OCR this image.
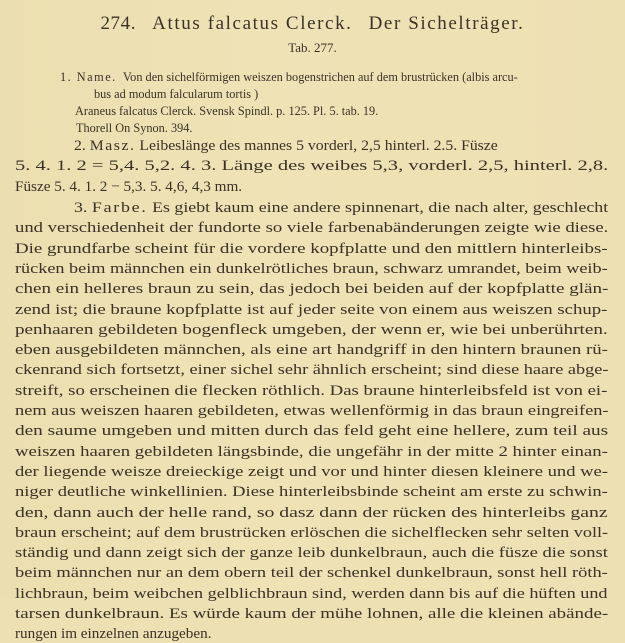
274. Attus falcatus Clerck. Der Sichelträger.
Tab. 277.
1. Name. Von den sichelförmigen weiszen bogenstrichen auf dem brustrücken (albis arcu-
bus ad modum falcularum tortis )
Araneus falcatus Clerck. Svensk Spindl. p. 125. Pl. 5. tab. 19.
Thorell On Synon. 394.
2. Masz. Leibeslänge des mannes 5 vorderl, 2,5 hinterl. 2.5. Füsze
5. 4. 1. 2 = 5,4. 5,2. 4. 3. Länge des weibes 5,3, vorderl. 2,5, hinterl. 2,8.
Füsze 5. 4. 1. 2 − 5,3. 5. 4,6, 4,3 mm.
3. Farbe. Es giebt kaum eine andere spinnenart, die nach alter, geschlecht
und verschiedenheit der fundorte so viele farbenabänderungen zeigte wie diese.
Die grundfarbe scheint für die vordere kopfplatte und den mittlern hinterleibs-
rücken beim männchen ein dunkelrötliches braun, schwarz umrandet, beim weib-
chen ein helleres braun zu sein, das jedoch bei beiden auf der kopfplatte glän-
zend ist; die braune kopfplatte ist auf jeder seite von einem aus weiszen schup-
penhaaren gebildeten bogenfleck umgeben, der wenn er, wie bei unberührten.
eben ausgebildeten männchen, als eine art handgriff in den hintern braunen rü-
ckenrand sich fortsetzt, einer sichel sehr ähnlich erscheint; sind diese haare abge-
streift, so erscheinen die flecken röthlich. Das braune hinterleibsfeld ist von ei-
nem aus weiszen haaren gebildeten, etwas wellenförmig in das braun eingreifen-
den saume umgeben und mitten durch das feld geht eine hellere, zum teil aus
weiszen haaren gebildeten längsbinde, die ungefähr in der mitte 2 hinter einan-
der liegende weisze dreieckige zeigt und vor und hinter diesen kleinere und we-
niger deutliche winkellinien. Diese hinterleibsbinde scheint am erste zu schwin-
den, dann auch der helle rand, so dasz dann der rücken des hinterleibs ganz
braun erscheint; auf dem brustrücken erlöschen die sichelflecken sehr selten voll-
ständig und dann zeigt sich der ganze leib dunkelbraun, auch die füsze die sonst
beim männchen nur an dem obern teil der schenkel dunkelbraun, sonst hell röth-
lichbraun, beim weibchen gelblichbraun sind, werden dann bis auf die hüften und
tarsen dunkelbraun. Es würde kaum der mühe lohnen, alle die kleinen abände-
rungen im einzelnen anzugeben.
